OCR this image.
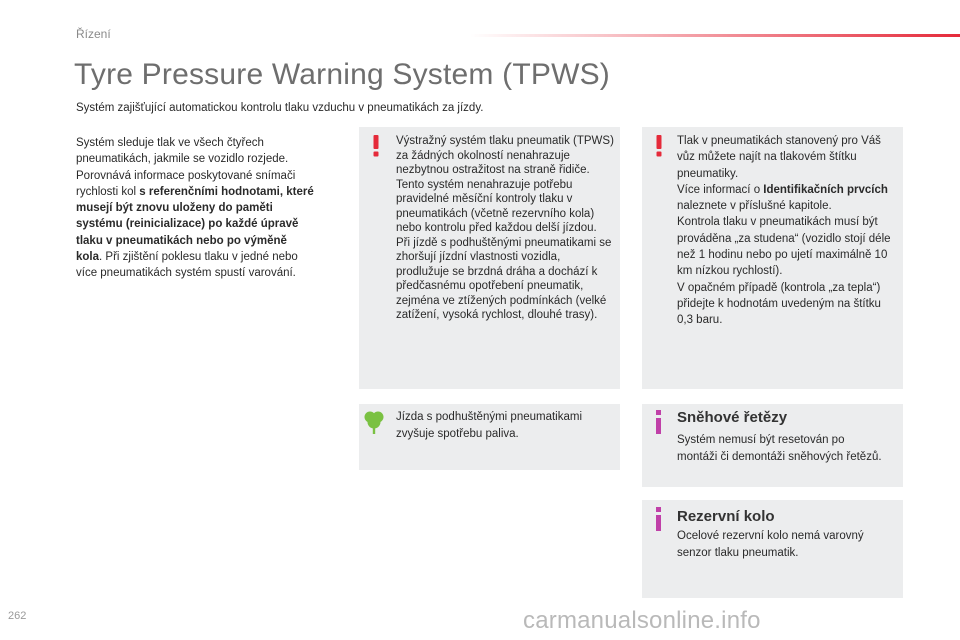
Řízení
Tyre Pressure Warning System (TPWS)

Systém zajišťující automatickou kontrolu tlaku vzduchu v pneumatikách za jízdy.

Systém sleduje tlak ve všech čtyřech pneumatikách, jakmile se vozidlo rozjede. Porovnává informace poskytované snímači rychlosti kol s referenčními hodnotami, které musejí být znovu uloženy do paměti systému (reinicializace) po každé úpravě tlaku v pneumatikách nebo po výměně kola. Při zjištění poklesu tlaku v jedné nebo více pneumatikách systém spustí varování.
Výstražný systém tlaku pneumatik (TPWS) za žádných okolností nenahrazuje nezbytnou ostražitost na straně řidiče.
Tento systém nenahrazuje potřebu pravidelné měsíční kontroly tlaku v pneumatikách (včetně rezervního kola) nebo kontrolu před každou delší jízdou.
Při jízdě s podhuštěnými pneumatikami se zhoršují jízdní vlastnosti vozidla, prodlužuje se brzdná dráha a dochází k předčasnému opotřebení pneumatik, zejména ve ztížených podmínkách (velké zatížení, vysoká rychlost, dlouhé trasy).
Tlak v pneumatikách stanovený pro Váš vůz můžete najít na tlakovém štítku pneumatiky.
Více informací o Identifikačních prvcích naleznete v příslušné kapitole.
Kontrola tlaku v pneumatikách musí být prováděna „za studena“ (vozidlo stojí déle než 1 hodinu nebo po ujetí maximálně 10 km nízkou rychlostí).
V opačném případě (kontrola „za tepla“) přidejte k hodnotám uvedeným na štítku 0,3 baru.
Jízda s podhuštěnými pneumatikami zvyšuje spotřebu paliva.
Sněhové řetězy
Systém nemusí být resetován po montáži či demontáži sněhových řetězů.
Rezervní kolo
Ocelové rezervní kolo nemá varovný senzor tlaku pneumatik.
262	carmanualsonline.info
